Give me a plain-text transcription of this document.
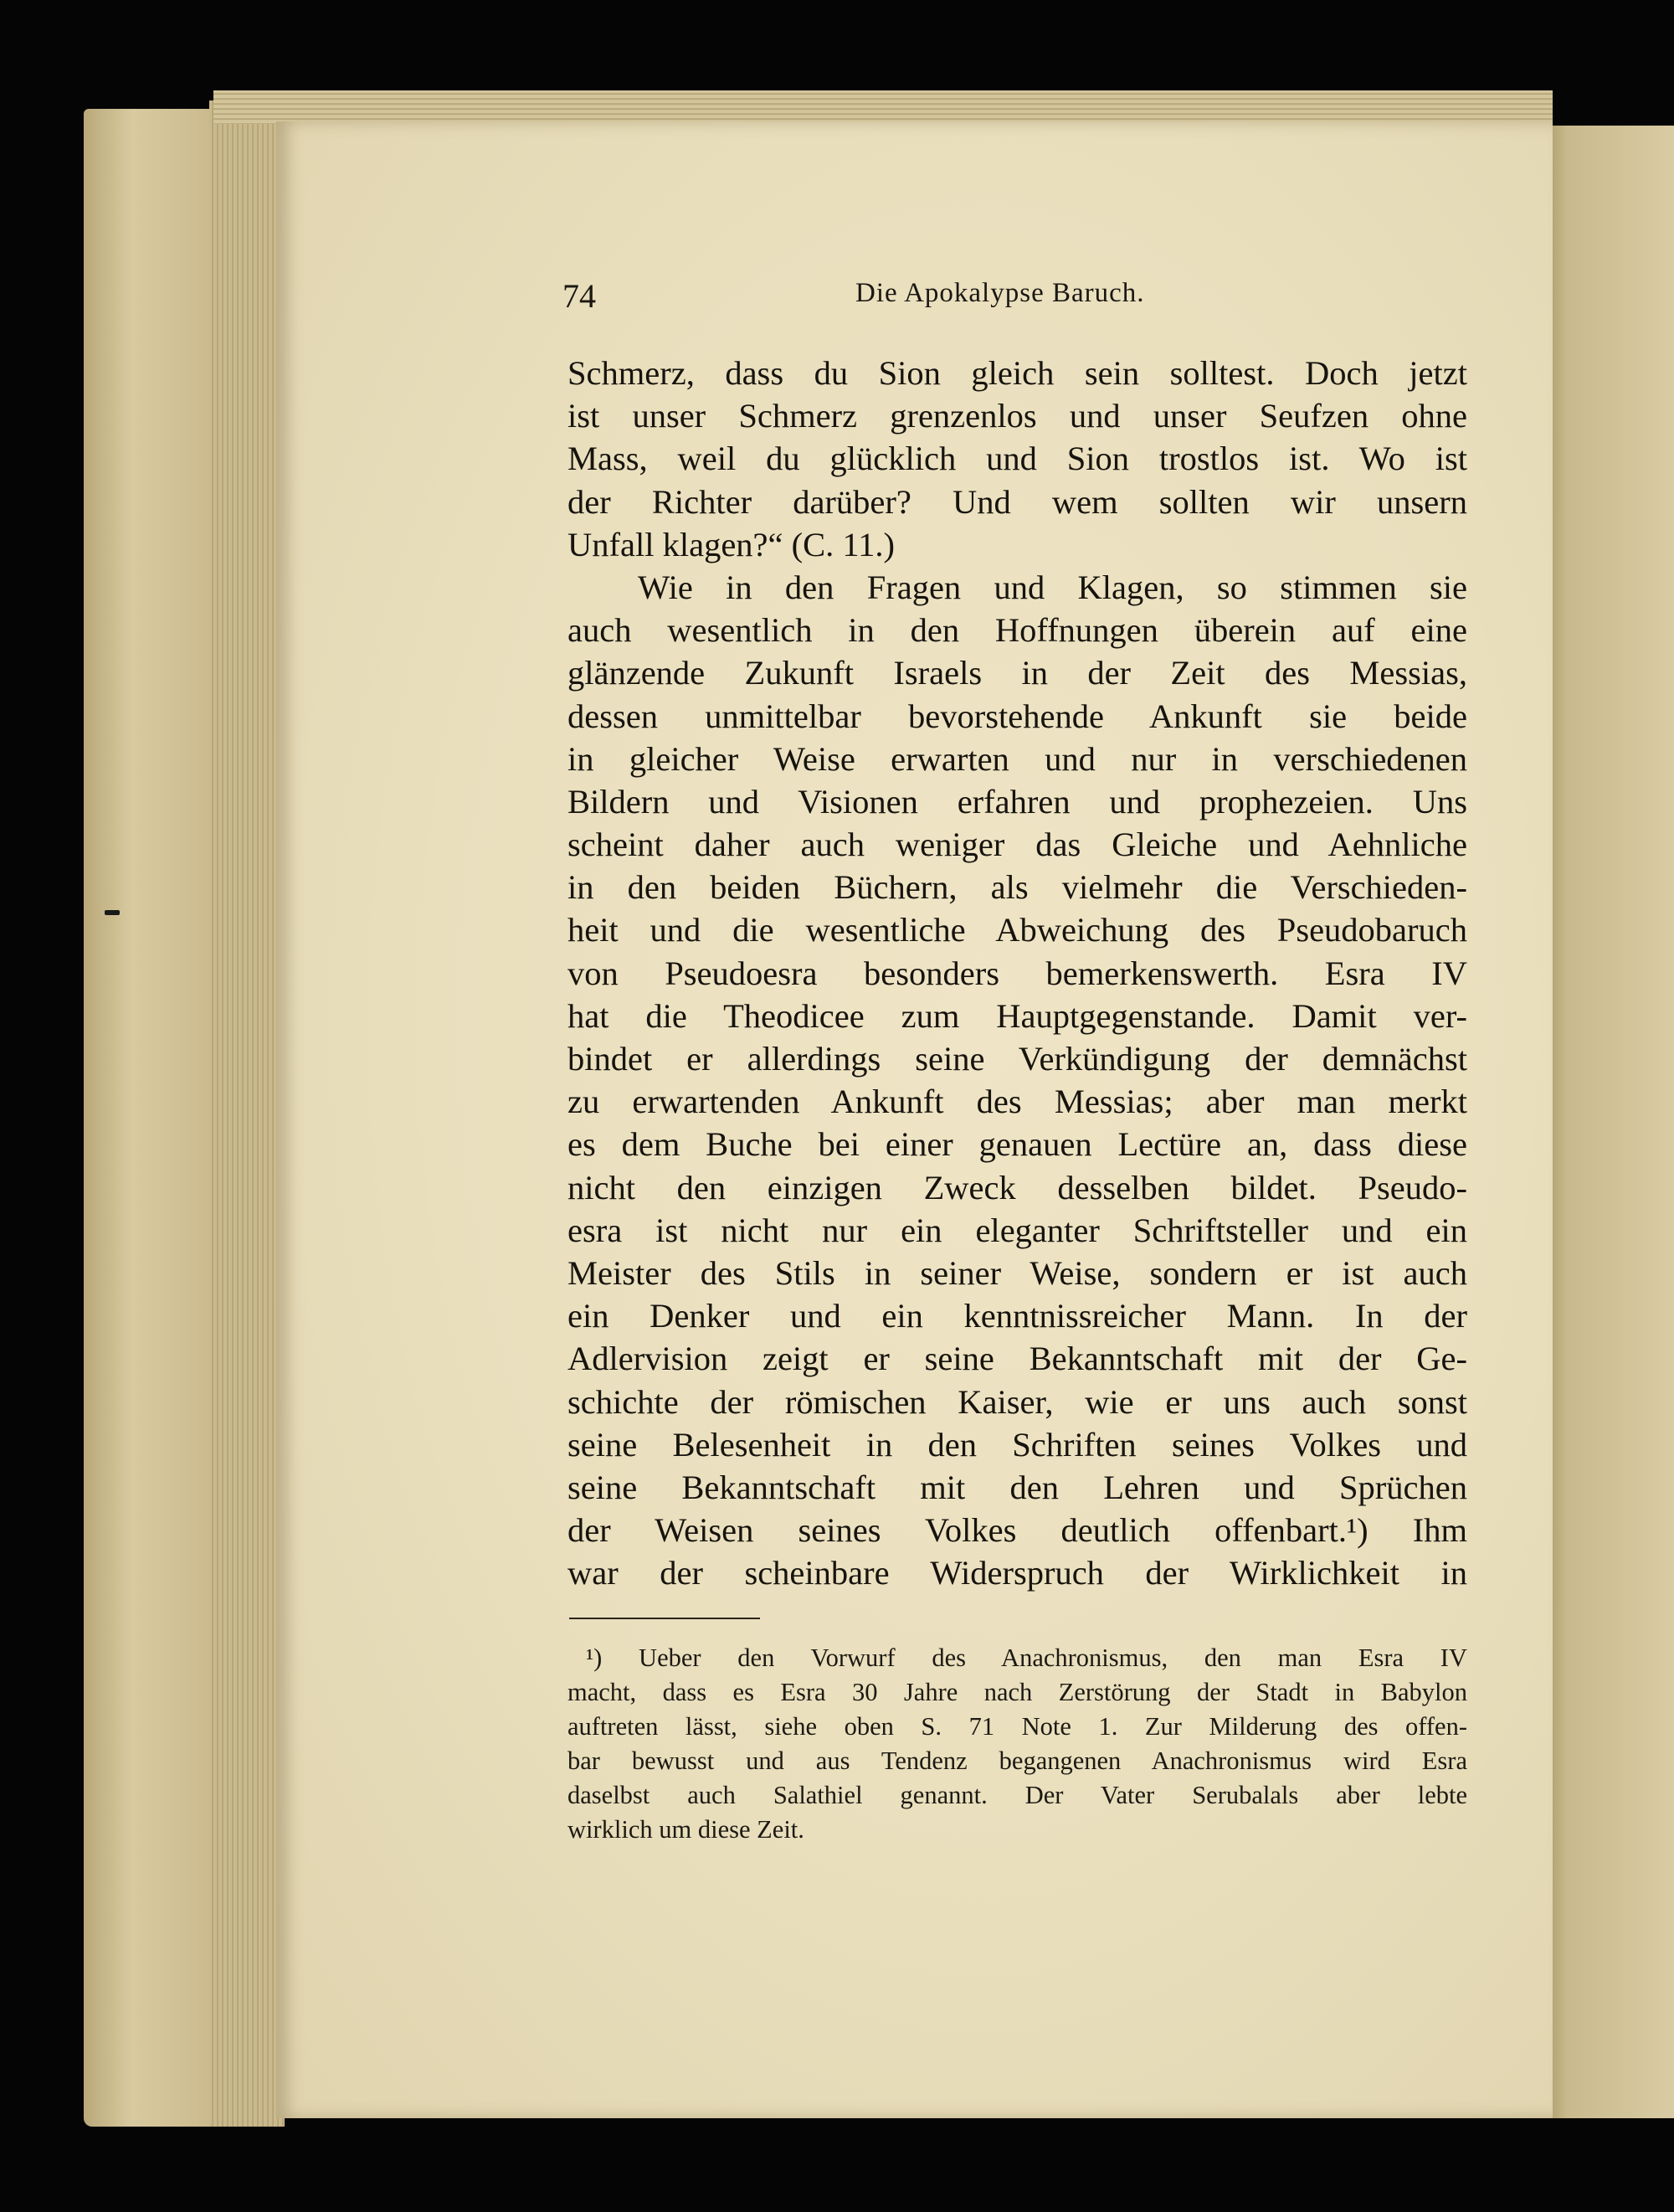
74	Die Apokalypse Baruch.
Schmerz, dass du Sion gleich sein solltest. Doch jetzt
ist unser Schmerz grenzenlos und unser Seufzen ohne
Mass, weil du glücklich und Sion trostlos ist. Wo ist
der Richter darüber? Und wem sollten wir unsern
Unfall klagen?“ (C. 11.)
Wie in den Fragen und Klagen, so stimmen sie
auch wesentlich in den Hoffnungen überein auf eine
glänzende Zukunft Israels in der Zeit des Messias,
dessen unmittelbar bevorstehende Ankunft sie beide
in gleicher Weise erwarten und nur in verschiedenen
Bildern und Visionen erfahren und prophezeien. Uns
scheint daher auch weniger das Gleiche und Aehnliche
in den beiden Büchern, als vielmehr die Verschieden-
heit und die wesentliche Abweichung des Pseudobaruch
von Pseudoesra besonders bemerkenswerth. Esra IV
hat die Theodicee zum Hauptgegenstande. Damit ver-
bindet er allerdings seine Verkündigung der demnächst
zu erwartenden Ankunft des Messias; aber man merkt
es dem Buche bei einer genauen Lectüre an, dass diese
nicht den einzigen Zweck desselben bildet. Pseudo-
esra ist nicht nur ein eleganter Schriftsteller und ein
Meister des Stils in seiner Weise, sondern er ist auch
ein Denker und ein kenntnissreicher Mann. In der
Adlervision zeigt er seine Bekanntschaft mit der Ge-
schichte der römischen Kaiser, wie er uns auch sonst
seine Belesenheit in den Schriften seines Volkes und
seine Bekanntschaft mit den Lehren und Sprüchen
der Weisen seines Volkes deutlich offenbart.¹) Ihm
war der scheinbare Widerspruch der Wirklichkeit in
¹) Ueber den Vorwurf des Anachronismus, den man Esra IV
macht, dass es Esra 30 Jahre nach Zerstörung der Stadt in Babylon
auftreten lässt, siehe oben S. 71 Note 1. Zur Milderung des offen-
bar bewusst und aus Tendenz begangenen Anachronismus wird Esra
daselbst auch Salathiel genannt. Der Vater Serubalals aber lebte
wirklich um diese Zeit.
